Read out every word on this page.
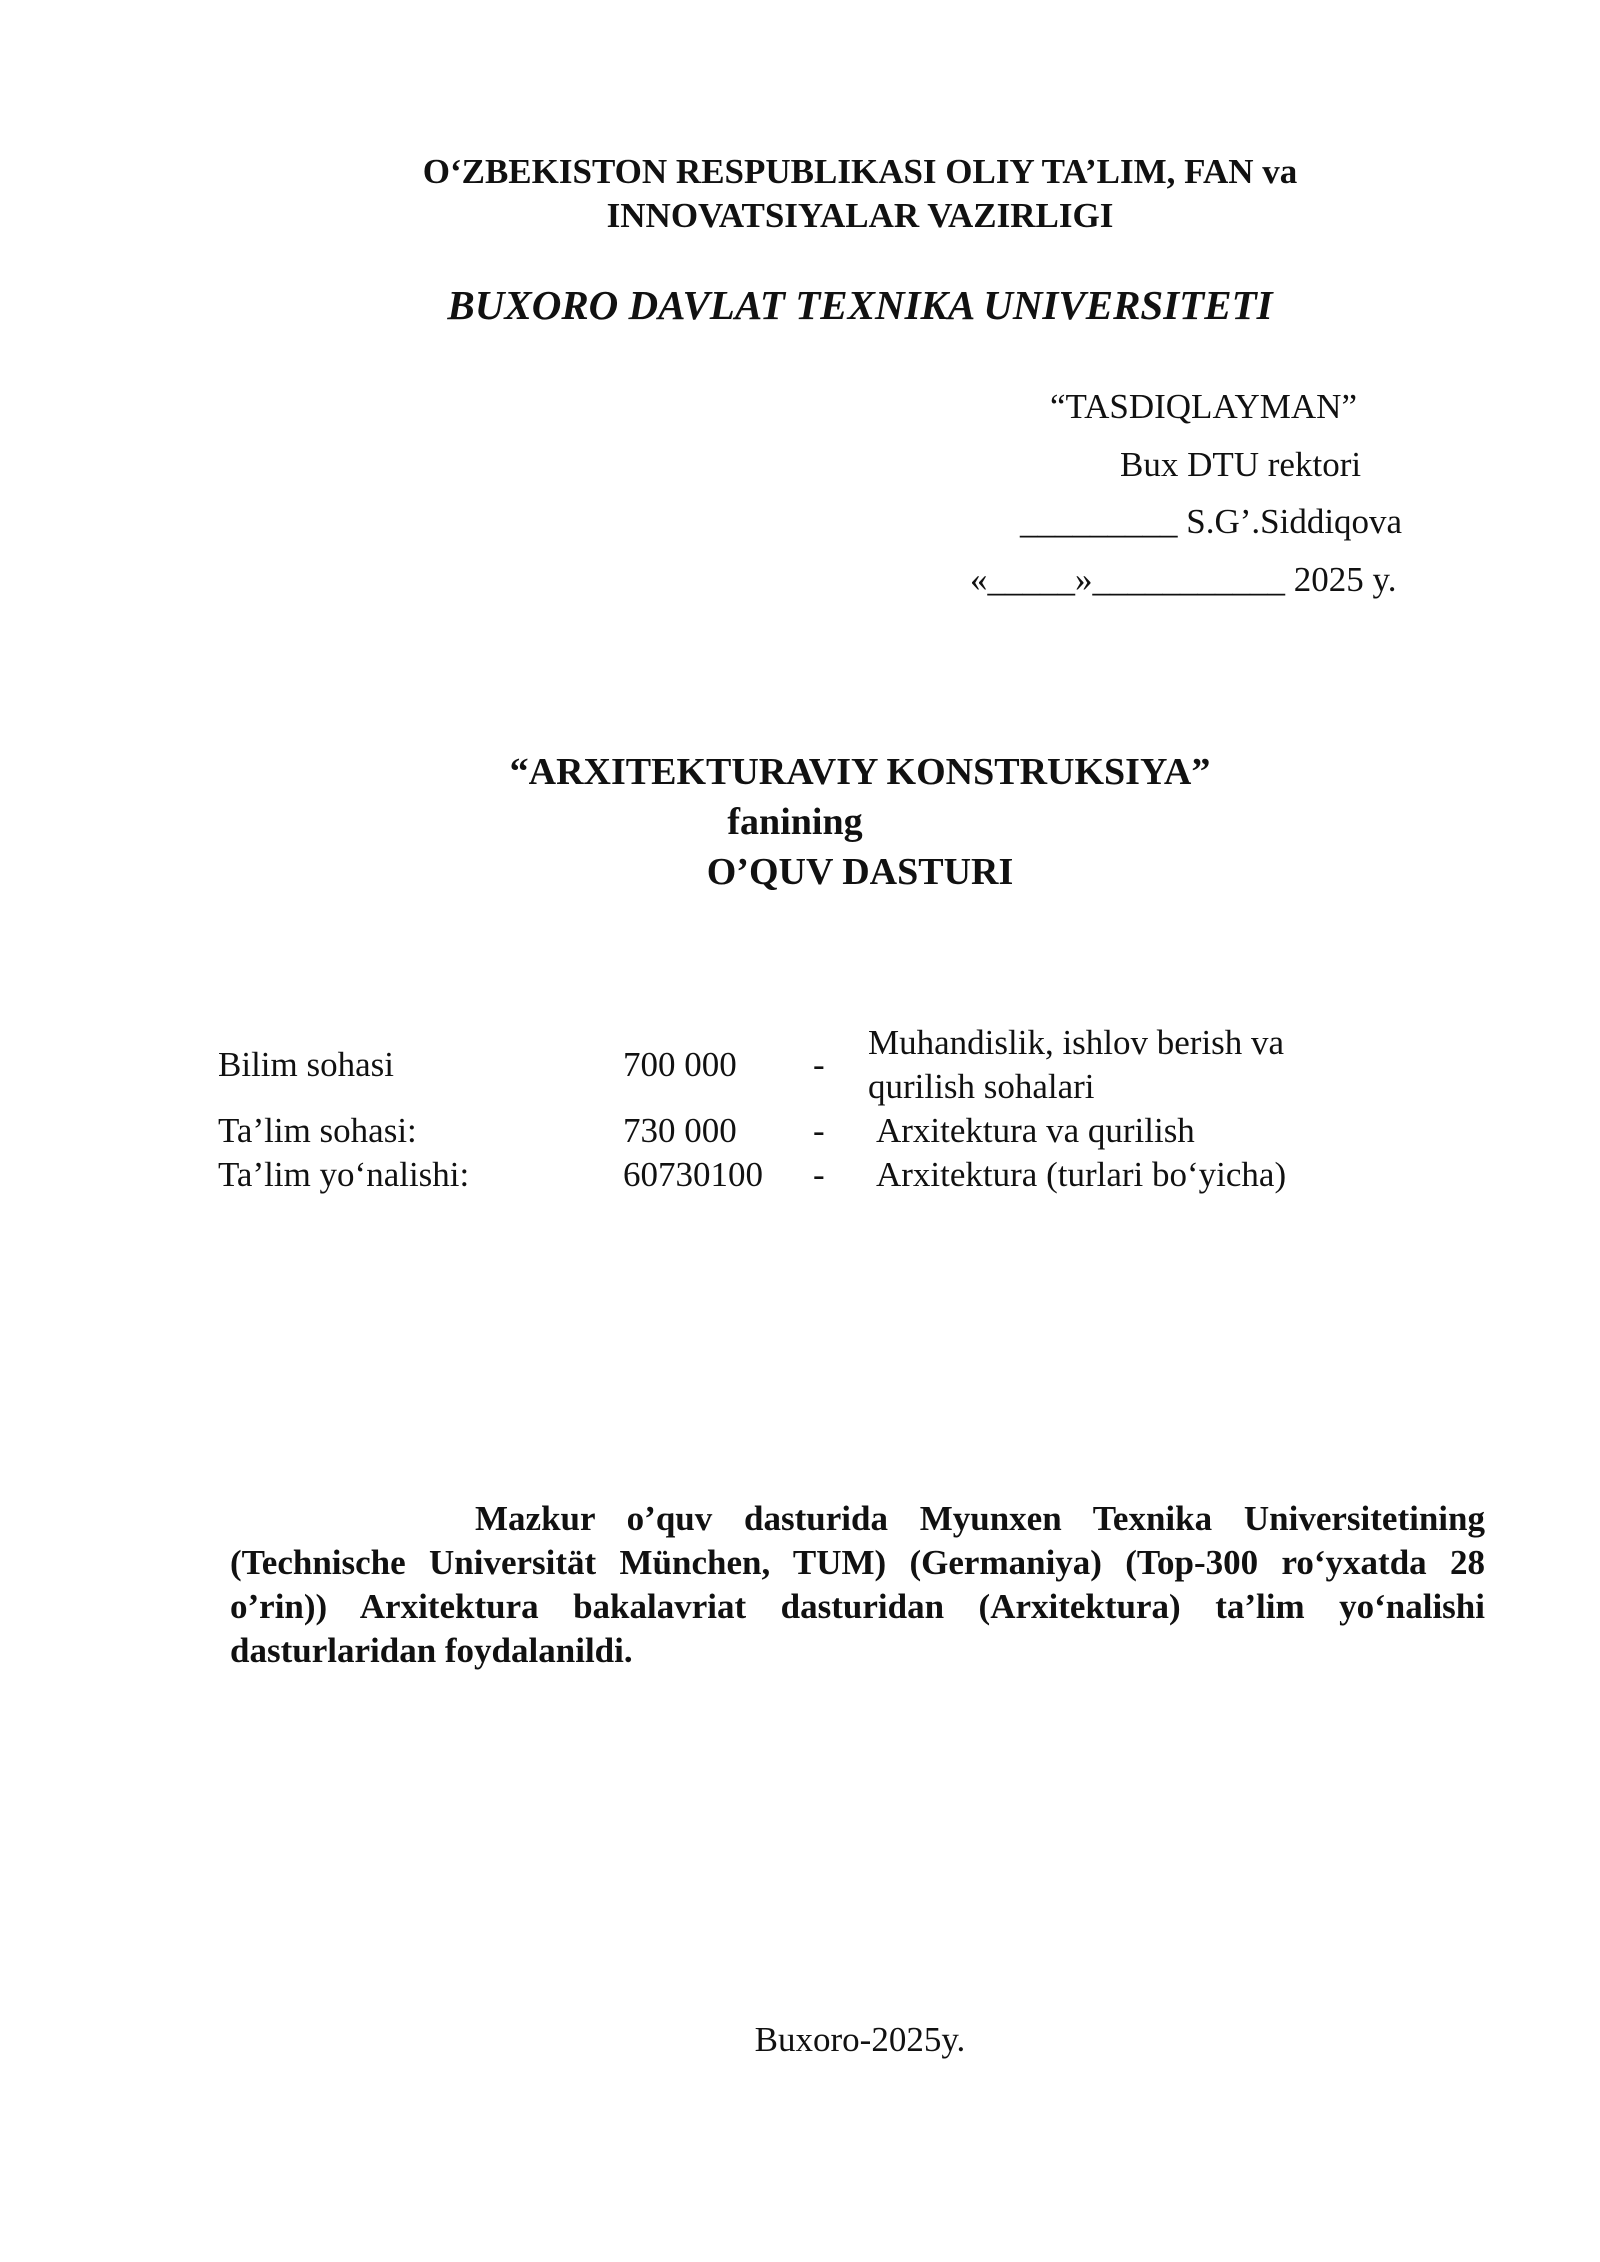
O‘ZBEKISTON RESPUBLIKASI OLIY TA’LIM, FAN va
INNOVATSIYALAR VAZIRLIGI
BUXORO DAVLAT TEXNIKA UNIVERSITETI
“TASDIQLAYMAN”
Bux DTU rektori
_________ S.G’.Siddiqova
«_____»___________ 2025 y.
“ARXITEKTURAVIY KONSTRUKSIYA”
fanining
O’QUV DASTURI
Bilim sohasi	700 000 -
Muhandislik, ishlov berish va
qurilish sohalari
Ta’lim sohasi:	730 000 - Arxitektura va qurilish
Ta’lim yo‘nalishi:	60730100 - Arxitektura (turlari bo‘yicha)
Mazkur o’quv dasturida Myunxen Texnika Universitetining (Technische Universität München, TUM) (Germaniya) (Top-300 ro‘yxatda 28 o’rin)) Arxitektura bakalavriat dasturidan (Arxitektura) ta’lim yo‘nalishi dasturlaridan foydalanildi.
Buxoro-2025y.
